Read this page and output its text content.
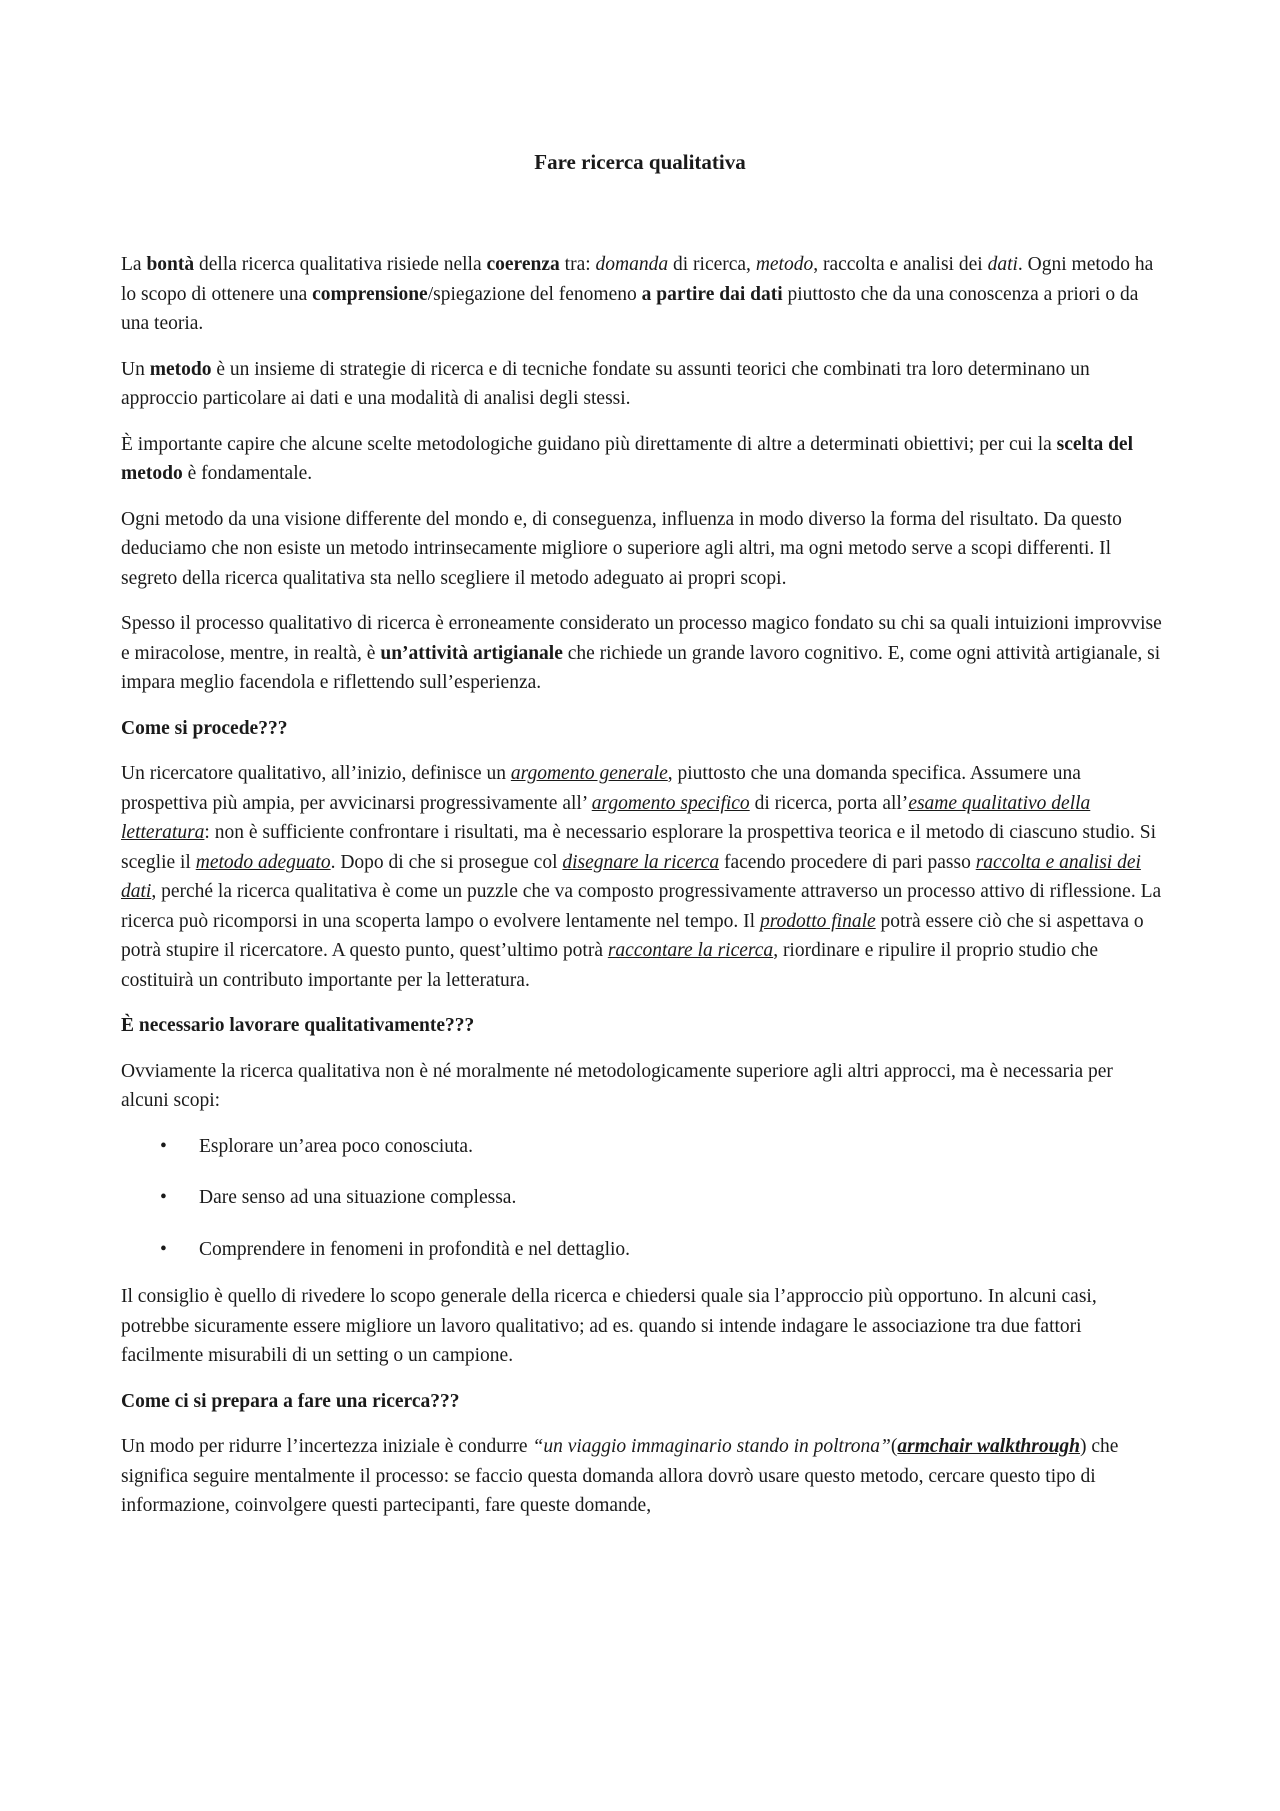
Fare ricerca qualitativa

La bontà della ricerca qualitativa risiede nella coerenza tra: domanda di ricerca, metodo, raccolta e analisi dei dati. Ogni metodo ha lo scopo di ottenere una comprensione/spiegazione del fenomeno a partire dai dati piuttosto che da una conoscenza a priori o da una teoria.

Un metodo è un insieme di strategie di ricerca e di tecniche fondate su assunti teorici che combinati tra loro determinano un approccio particolare ai dati e una modalità di analisi degli stessi.

È importante capire che alcune scelte metodologiche guidano più direttamente di altre a determinati obiettivi; per cui la scelta del metodo è fondamentale.

Ogni metodo da una visione differente del mondo e, di conseguenza, influenza in modo diverso la forma del risultato. Da questo deduciamo che non esiste un metodo intrinsecamente migliore o superiore agli altri, ma ogni metodo serve a scopi differenti. Il segreto della ricerca qualitativa sta nello scegliere il metodo adeguato ai propri scopi.

Spesso il processo qualitativo di ricerca è erroneamente considerato un processo magico fondato su chi sa quali intuizioni improvvise e miracolose, mentre, in realtà, è un’attività artigianale che richiede un grande lavoro cognitivo. E, come ogni attività artigianale, si impara meglio facendola e riflettendo sull’esperienza.

Come si procede???

Un ricercatore qualitativo, all’inizio, definisce un argomento generale, piuttosto che una domanda specifica. Assumere una prospettiva più ampia, per avvicinarsi progressivamente all’ argomento specifico di ricerca, porta all’esame qualitativo della letteratura: non è sufficiente confrontare i risultati, ma è necessario esplorare la prospettiva teorica e il metodo di ciascuno studio. Si sceglie il metodo adeguato. Dopo di che si prosegue col disegnare la ricerca facendo procedere di pari passo raccolta e analisi dei dati, perché la ricerca qualitativa è come un puzzle che va composto progressivamente attraverso un processo attivo di riflessione. La ricerca può ricomporsi in una scoperta lampo o evolvere lentamente nel tempo. Il prodotto finale potrà essere ciò che si aspettava o potrà stupire il ricercatore. A questo punto, quest’ultimo potrà raccontare la ricerca, riordinare e ripulire il proprio studio che costituirà un contributo importante per la letteratura.

È necessario lavorare qualitativamente???

Ovviamente la ricerca qualitativa non è né moralmente né metodologicamente superiore agli altri approcci, ma è necessaria per alcuni scopi:

• Esplorare un’area poco conosciuta.
• Dare senso ad una situazione complessa.
• Comprendere in fenomeni in profondità e nel dettaglio.

Il consiglio è quello di rivedere lo scopo generale della ricerca e chiedersi quale sia l’approccio più opportuno. In alcuni casi, potrebbe sicuramente essere migliore un lavoro qualitativo; ad es. quando si intende indagare le associazione tra due fattori facilmente misurabili di un setting o un campione.

Come ci si prepara a fare una ricerca???

Un modo per ridurre l’incertezza iniziale è condurre “un viaggio immaginario stando in poltrona”(armchair walkthrough) che significa seguire mentalmente il processo: se faccio questa domanda allora dovrò usare questo metodo, cercare questo tipo di informazione, coinvolgere questi partecipanti, fare queste domande,
